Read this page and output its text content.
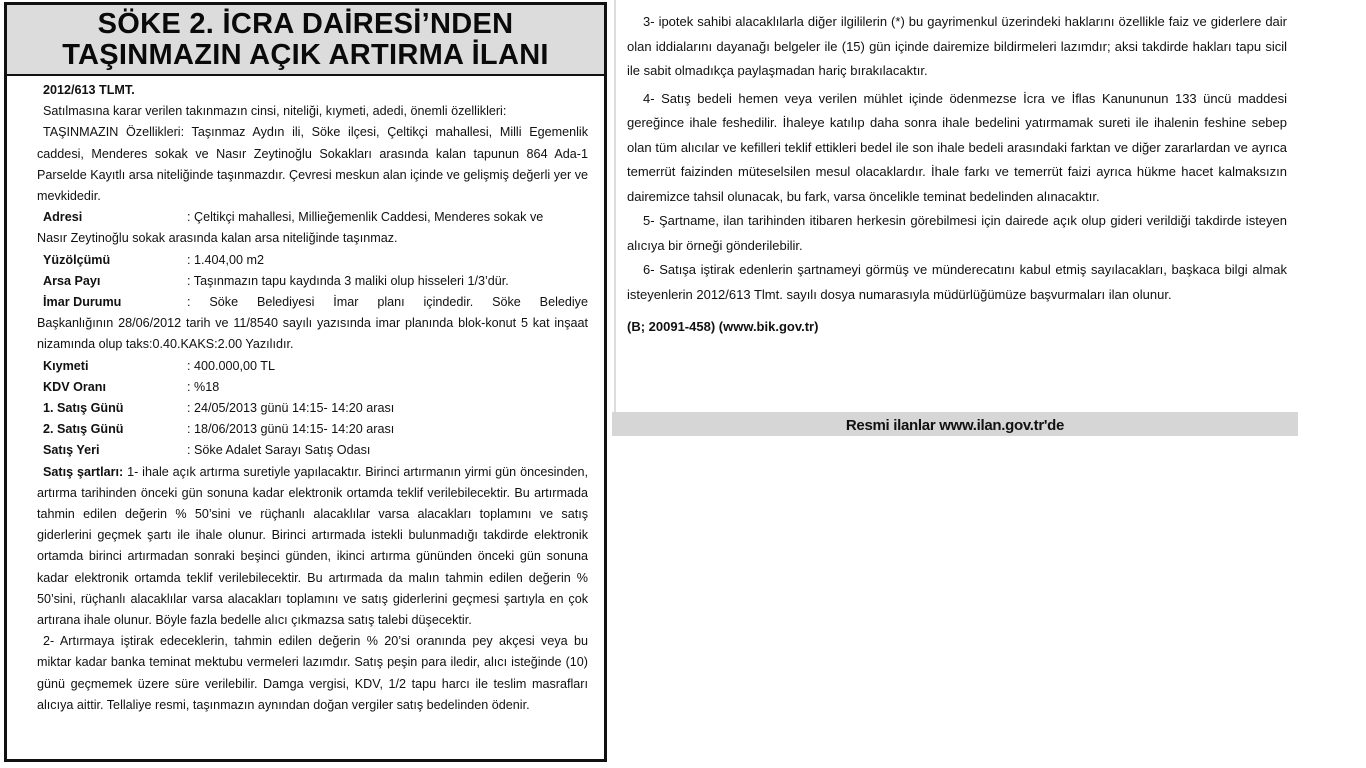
SÖKE 2. İCRA DAİRESİ’NDEN
TAŞINMAZIN AÇIK ARTIRMA İLANI

2012/613 TLMT.

Satılmasına karar verilen takınmazın cinsi, niteliği, kıymeti, adedi, önemli özellikleri:

TAŞINMAZIN Özellikleri: Taşınmaz Aydın ili, Söke ilçesi, Çeltikçi mahallesi, Milli Egemenlik caddesi, Menderes sokak ve Nasır Zeytinoğlu Sokakları arasında kalan tapunun 864 Ada-1 Parselde Kayıtlı arsa niteliğinde taşınmazdır. Çevresi meskun alan içinde ve gelişmiş değerli yer ve mevkidedir.

Adresi	: Çeltikçi mahallesi, Millieğemenlik Caddesi, Menderes sokak ve

Nasır Zeytinoğlu sokak arasında kalan arsa niteliğinde taşınmaz.

Yüzölçümü	: 1.404,00 m2
Arsa Payı	: Taşınmazın tapu kaydında 3 maliki olup hisseleri 1/3’dür.
İmar Durumu	: Söke Belediyesi İmar planı içindedir. Söke Belediye

Başkanlığının 28/06/2012 tarih ve 11/8540 sayılı yazısında imar planında blok-konut 5 kat inşaat nizamında olup taks:0.40.KAKS:2.00 Yazılıdır.

Kıymeti	: 400.000,00 TL
KDV Oranı	: %18
1. Satış Günü	: 24/05/2013 günü 14:15- 14:20 arası
2. Satış Günü	: 18/06/2013 günü 14:15- 14:20 arası
Satış Yeri	: Söke Adalet Sarayı Satış Odası

Satış şartları: 1- ihale açık artırma suretiyle yapılacaktır. Birinci artırmanın yirmi gün öncesinden, artırma tarihinden önceki gün sonuna kadar elektronik ortamda teklif verilebilecektir. Bu artırmada tahmin edilen değerin % 50’sini ve rüçhanlı alacaklılar varsa alacakları toplamını ve satış giderlerini geçmek şartı ile ihale olunur. Birinci artırmada istekli bulunmadığı takdirde elektronik ortamda birinci artırmadan sonraki beşinci günden, ikinci artırma gününden önceki gün sonuna kadar elektronik ortamda teklif verilebilecektir. Bu artırmada da malın tahmin edilen değerin % 50’sini, rüçhanlı alacaklılar varsa alacakları toplamını ve satış giderlerini geçmesi şartıyla en çok artırana ihale olunur. Böyle fazla bedelle alıcı çıkmazsa satış talebi düşecektir.

2- Artırmaya iştirak edeceklerin, tahmin edilen değerin % 20’si oranında pey akçesi veya bu miktar kadar banka teminat mektubu vermeleri lazımdır. Satış peşin para iledir, alıcı isteğinde (10) günü geçmemek üzere süre verilebilir. Damga vergisi, KDV, 1/2 tapu harcı ile teslim masrafları alıcıya aittir. Tellaliye resmi, taşınmazın aynından doğan vergiler satış bedelinden ödenir.

3- ipotek sahibi alacaklılarla diğer ilgililerin (*) bu gayrimenkul üzerindeki haklarını özellikle faiz ve giderlere dair olan iddialarını dayanağı belgeler ile (15) gün içinde dairemize bildirmeleri lazımdır; aksi takdirde hakları tapu sicil ile sabit olmadıkça paylaşmadan hariç bırakılacaktır.

4- Satış bedeli hemen veya verilen mühlet içinde ödenmezse İcra ve İflas Kanununun 133 üncü maddesi gereğince ihale feshedilir. İhaleye katılıp daha sonra ihale bedelini yatırmamak sureti ile ihalenin feshine sebep olan tüm alıcılar ve kefilleri teklif ettikleri bedel ile son ihale bedeli arasındaki farktan ve diğer zararlardan ve ayrıca temerrüt faizinden müteselsilen mesul olacaklardır. İhale farkı ve temerrüt faizi ayrıca hükme hacet kalmaksızın dairemizce tahsil olunacak, bu fark, varsa öncelikle teminat bedelinden alınacaktır.

5- Şartname, ilan tarihinden itibaren herkesin görebilmesi için dairede açık olup gideri verildiği takdirde isteyen alıcıya bir örneği gönderilebilir.

6- Satışa iştirak edenlerin şartnameyi görmüş ve münderecatını kabul etmiş sayılacakları, başkaca bilgi almak isteyenlerin 2012/613 Tlmt. sayılı dosya numarasıyla müdürlüğümüze başvurmaları ilan olunur.

(B; 20091-458) (www.bik.gov.tr)

Resmi ilanlar www.ilan.gov.tr'de
